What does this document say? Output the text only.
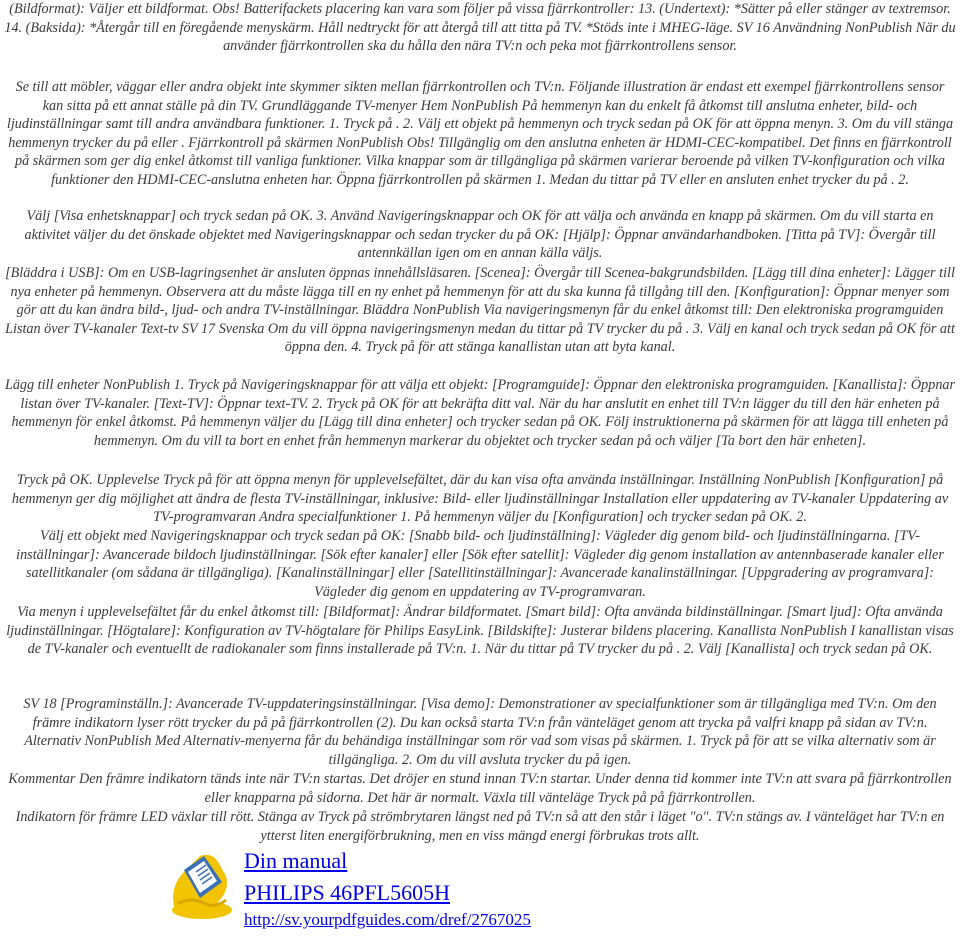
(Bildformat): Väljer ett bildformat. Obs! Batterifackets placering kan vara som följer på vissa fjärrkontroller: 13. (Undertext): *Sätter på eller stänger av textremsor. 14. (Baksida): *Återgår till en föregående menyskärm. Håll nedtryckt för att återgå till att titta på TV. *Stöds inte i MHEG-läge. SV 16 Användning NonPublish När du använder fjärrkontrollen ska du hålla den nära TV:n och peka mot fjärrkontrollens sensor.

Se till att möbler, väggar eller andra objekt inte skymmer sikten mellan fjärrkontrollen och TV:n. Följande illustration är endast ett exempel fjärrkontrollens sensor kan sitta på ett annat ställe på din TV. Grundläggande TV-menyer Hem NonPublish På hemmenyn kan du enkelt få åtkomst till anslutna enheter, bild- och ljudinställningar samt till andra användbara funktioner. 1. Tryck på . 2. Välj ett objekt på hemmenyn och tryck sedan på OK för att öppna menyn. 3. Om du vill stänga hemmenyn trycker du på eller . Fjärrkontroll på skärmen NonPublish Obs! Tillgänglig om den anslutna enheten är HDMI-CEC-kompatibel. Det finns en fjärrkontroll på skärmen som ger dig enkel åtkomst till vanliga funktioner. Vilka knappar som är tillgängliga på skärmen varierar beroende på vilken TV-konfiguration och vilka funktioner den HDMI-CEC-anslutna enheten har. Öppna fjärrkontrollen på skärmen 1. Medan du tittar på TV eller en ansluten enhet trycker du på . 2.

Välj [Visa enhetsknappar] och tryck sedan på OK. 3. Använd Navigeringsknappar och OK för att välja och använda en knapp på skärmen. Om du vill starta en aktivitet väljer du det önskade objektet med Navigeringsknappar och sedan trycker du på OK: [Hjälp]: Öppnar användarhandboken. [Titta på TV]: Övergår till antennkällan igen om en annan källa väljs.

[Bläddra i USB]: Om en USB-lagringsenhet är ansluten öppnas innehållsläsaren. [Scenea]: Övergår till Scenea-bakgrundsbilden. [Lägg till dina enheter]: Lägger till nya enheter på hemmenyn. Observera att du måste lägga till en ny enhet på hemmenyn för att du ska kunna få tillgång till den. [Konfiguration]: Öppnar menyer som gör att du kan ändra bild-, ljud- och andra TV-inställningar. Bläddra NonPublish Via navigeringsmenyn får du enkel åtkomst till: Den elektroniska programguiden Listan över TV-kanaler Text-tv SV 17 Svenska Om du vill öppna navigeringsmenyn medan du tittar på TV trycker du på . 3. Välj en kanal och tryck sedan på OK för att öppna den. 4. Tryck på för att stänga kanallistan utan att byta kanal.

Lägg till enheter NonPublish 1. Tryck på Navigeringsknappar för att välja ett objekt: [Programguide]: Öppnar den elektroniska programguiden. [Kanallista]: Öppnar listan över TV-kanaler. [Text-TV]: Öppnar text-TV. 2. Tryck på OK för att bekräfta ditt val. När du har anslutit en enhet till TV:n lägger du till den här enheten på hemmenyn för enkel åtkomst. På hemmenyn väljer du [Lägg till dina enheter] och trycker sedan på OK. Följ instruktionerna på skärmen för att lägga till enheten på hemmenyn. Om du vill ta bort en enhet från hemmenyn markerar du objektet och trycker sedan på och väljer [Ta bort den här enheten].

Tryck på OK. Upplevelse Tryck på för att öppna menyn för upplevelsefältet, där du kan visa ofta använda inställningar. Inställning NonPublish [Konfiguration] på hemmenyn ger dig möjlighet att ändra de flesta TV-inställningar, inklusive: Bild- eller ljudinställningar Installation eller uppdatering av TV-kanaler Uppdatering av TV-programvaran Andra specialfunktioner 1. På hemmenyn väljer du [Konfiguration] och trycker sedan på OK. 2.

Välj ett objekt med Navigeringsknappar och tryck sedan på OK: [Snabb bild- och ljudinställning]: Vägleder dig genom bild- och ljudinställningarna. [TV-inställningar]: Avancerade bildoch ljudinställningar. [Sök efter kanaler] eller [Sök efter satellit]: Vägleder dig genom installation av antennbaserade kanaler eller satellitkanaler (om sådana är tillgängliga). [Kanalinställningar] eller [Satellitinställningar]: Avancerade kanalinställningar. [Uppgradering av programvara]: Vägleder dig genom en uppdatering av TV-programvaran.

Via menyn i upplevelsefältet får du enkel åtkomst till: [Bildformat]: Ändrar bildformatet. [Smart bild]: Ofta använda bildinställningar. [Smart ljud]: Ofta använda ljudinställningar. [Högtalare]: Konfiguration av TV-högtalare för Philips EasyLink. [Bildskifte]: Justerar bildens placering. Kanallista NonPublish I kanallistan visas de TV-kanaler och eventuellt de radiokanaler som finns installerade på TV:n. 1. När du tittar på TV trycker du på . 2. Välj [Kanallista] och tryck sedan på OK.

SV 18 [Programinställn.]: Avancerade TV-uppdateringsinställningar. [Visa demo]: Demonstrationer av specialfunktioner som är tillgängliga med TV:n. Om den främre indikatorn lyser rött trycker du på på fjärrkontrollen (2). Du kan också starta TV:n från vänteläget genom att trycka på valfri knapp på sidan av TV:n. Alternativ NonPublish Med Alternativ-menyerna får du behändiga inställningar som rör vad som visas på skärmen. 1. Tryck på för att se vilka alternativ som är tillgängliga. 2. Om du vill avsluta trycker du på igen.

Kommentar Den främre indikatorn tänds inte när TV:n startas. Det dröjer en stund innan TV:n startar. Under denna tid kommer inte TV:n att svara på fjärrkontrollen eller knapparna på sidorna. Det här är normalt. Växla till vänteläge Tryck på på fjärrkontrollen.

Indikatorn för främre LED växlar till rött. Stänga av Tryck på strömbrytaren längst ned på TV:n så att den står i läget "o". TV:n stängs av. I vänteläget har TV:n en ytterst liten energiförbrukning, men en viss mängd energi förbrukas trots allt.

Din manual
PHILIPS 46PFL5605H
http://sv.yourpdfguides.com/dref/2767025
